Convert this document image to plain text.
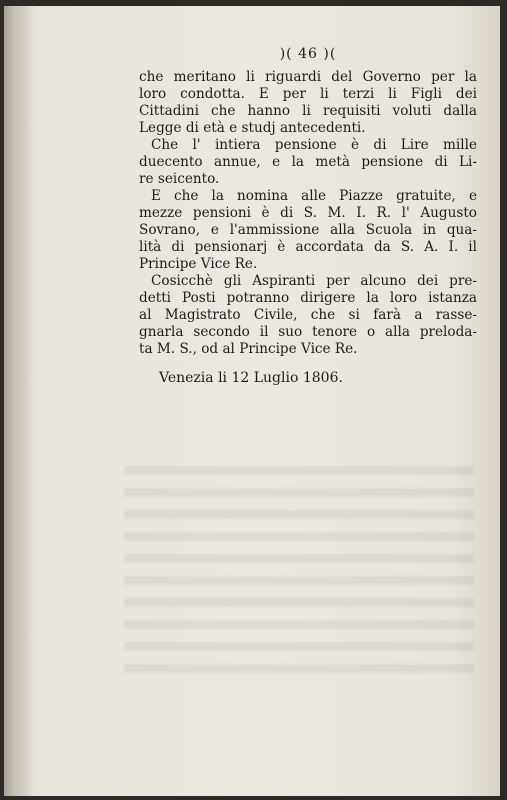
)( 46 )(
che meritano li riguardi del Governo per la
loro condotta. E per li terzi li Figli dei
Cittadini che hanno li requisiti voluti dalla
Legge di età e studj antecedenti.
Che l' intiera pensione è di Lire mille
duecento annue, e la metà pensione di Li-
re seicento.
E che la nomina alle Piazze gratuite, e
mezze pensioni è di S. M. I. R. l' Augusto
Sovrano, e l'ammissione alla Scuola in qua-
lità di pensionarj è accordata da S. A. I. il
Principe Vice Re.
Cosicchè gli Aspiranti per alcuno dei pre-
detti Posti potranno dirigere la loro istanza
al Magistrato Civile, che si farà a rasse-
gnarla secondo il suo tenore o alla preloda-
ta M. S., od al Principe Vice Re.
Venezia li 12 Luglio 1806.
